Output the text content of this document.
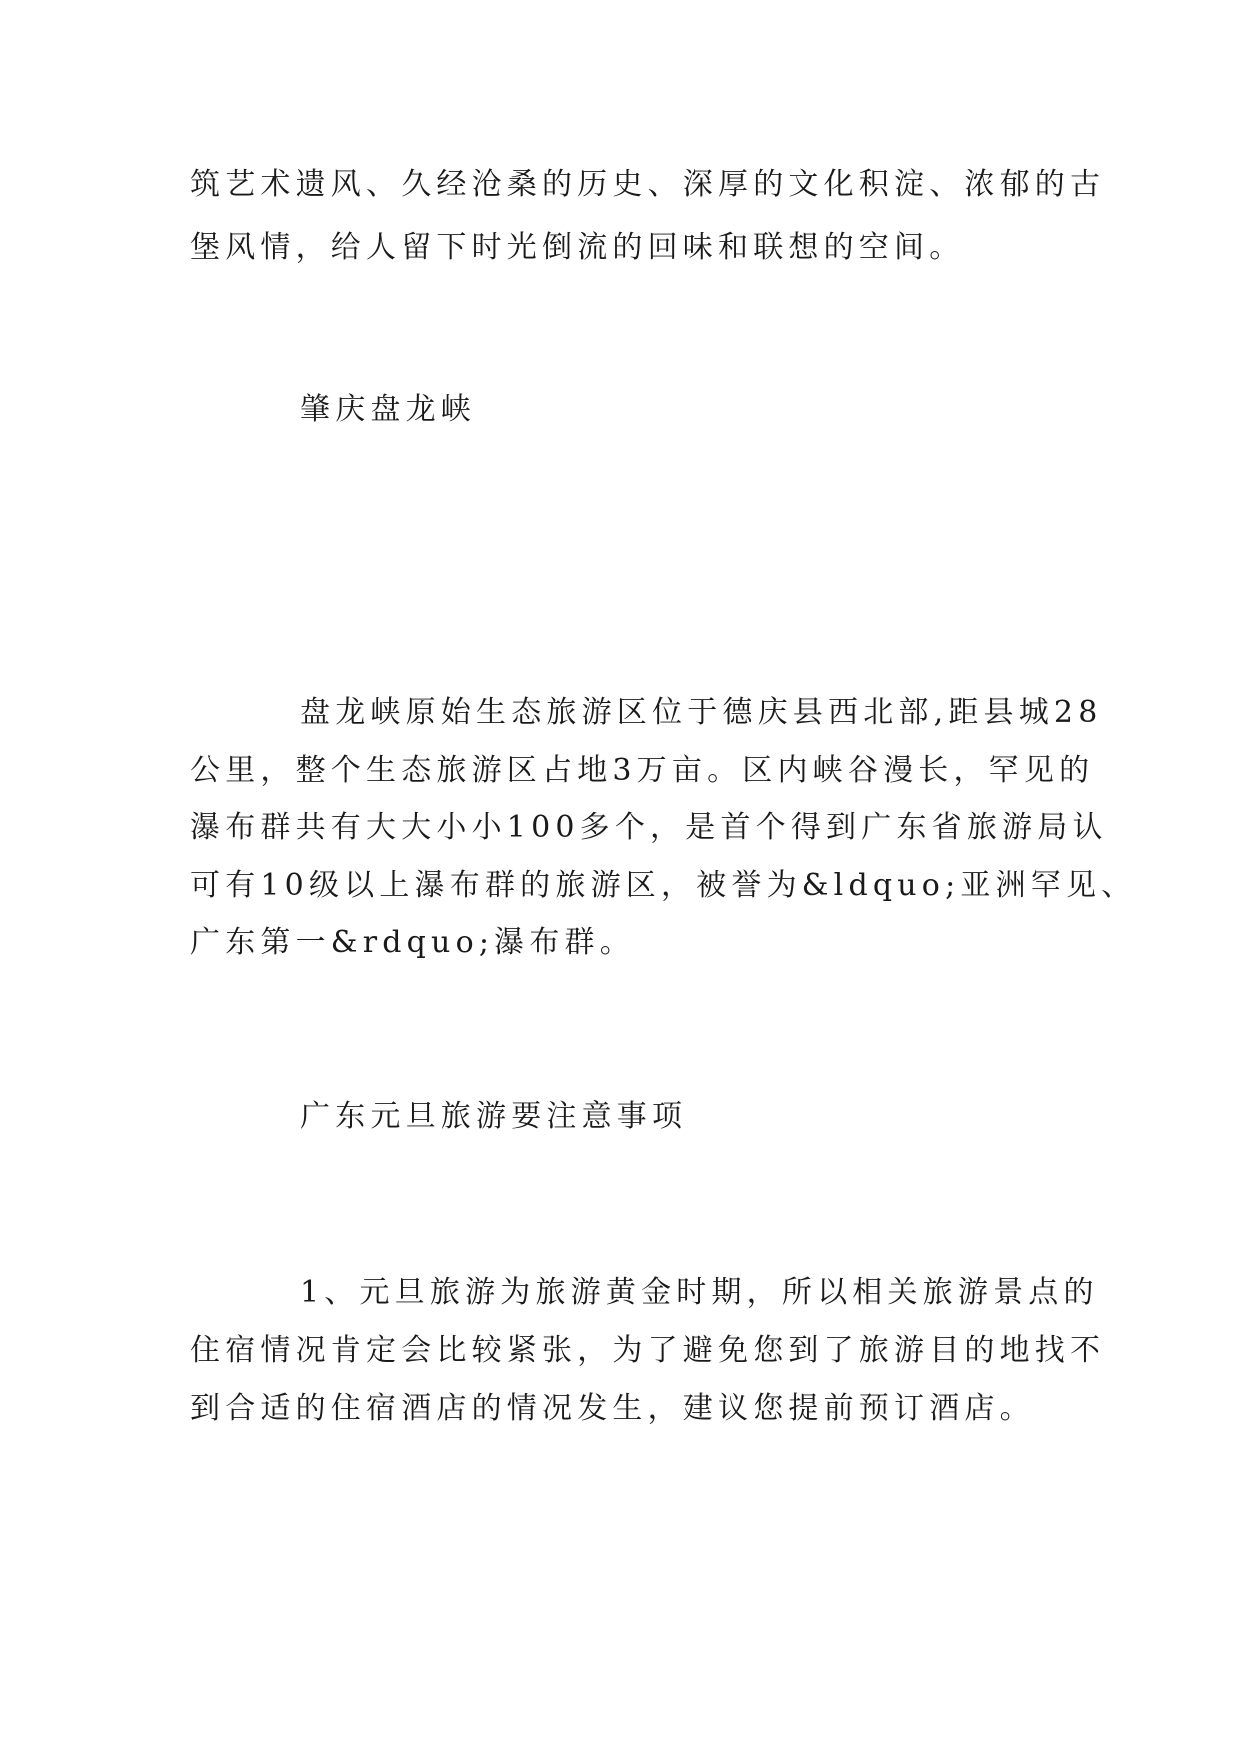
筑艺术遗风、久经沧桑的历史、深厚的文化积淀、浓郁的古
堡风情，给人留下时光倒流的回味和联想的空间。
肇庆盘龙峡
盘龙峡原始生态旅游区位于德庆县西北部,距县城28
公里，整个生态旅游区占地3万亩。区内峡谷漫长，罕见的
瀑布群共有大大小小100多个，是首个得到广东省旅游局认
可有10级以上瀑布群的旅游区，被誉为&ldquo;亚洲罕见、
广东第一&rdquo;瀑布群。
广东元旦旅游要注意事项
1、元旦旅游为旅游黄金时期，所以相关旅游景点的
住宿情况肯定会比较紧张，为了避免您到了旅游目的地找不
到合适的住宿酒店的情况发生，建议您提前预订酒店。
